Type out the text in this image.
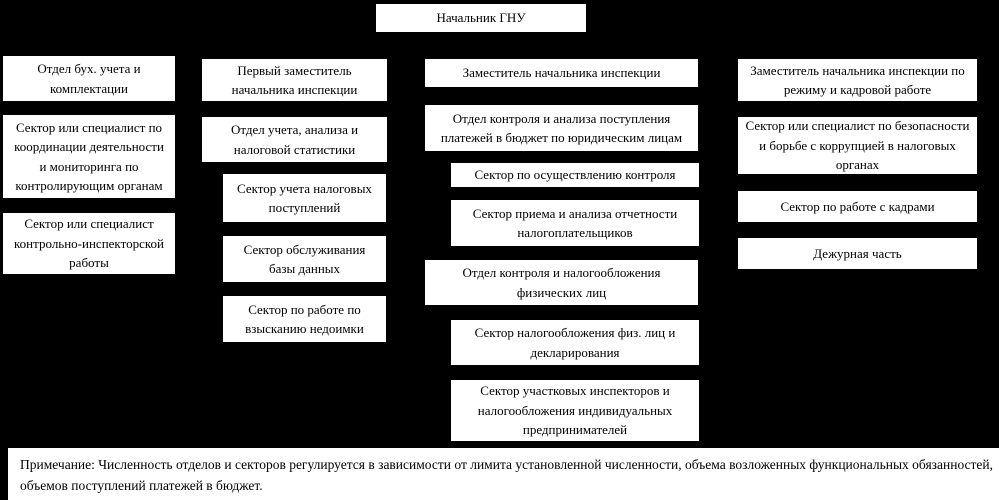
Начальник ГНУ
Отдел бух. учета и комплектации
Сектор или специалист по координации деятельности и мониторинга по контролирующим органам
Сектор или специалист контрольно-инспекторской работы
Первый заместитель начальника инспекции
Отдел учета, анализа и налоговой статистики
Сектор учета налоговых поступлений
Сектор обслуживания базы данных
Сектор по работе по взысканию недоимки
Заместитель начальника инспекции
Отдел контроля и анализа поступления платежей в бюджет по юридическим лицам
Сектор по осуществлению контроля
Сектор приема и анализа отчетности налогоплательщиков
Отдел контроля и налогообложения физических лиц
Сектор налогообложения физ. лиц и декларирования
Сектор участковых инспекторов и налогообложения индивидуальных предпринимателей
Заместитель начальника инспекции по режиму и кадровой работе
Сектор или специалист по безопасности и борьбе с коррупцией в налоговых органах
Сектор по работе с кадрами
Дежурная часть
Примечание: Численность отделов и секторов регулируется в зависимости от лимита установленной численности, объема возложенных функциональных обязанностей,
объемов поступлений платежей в бюджет.
